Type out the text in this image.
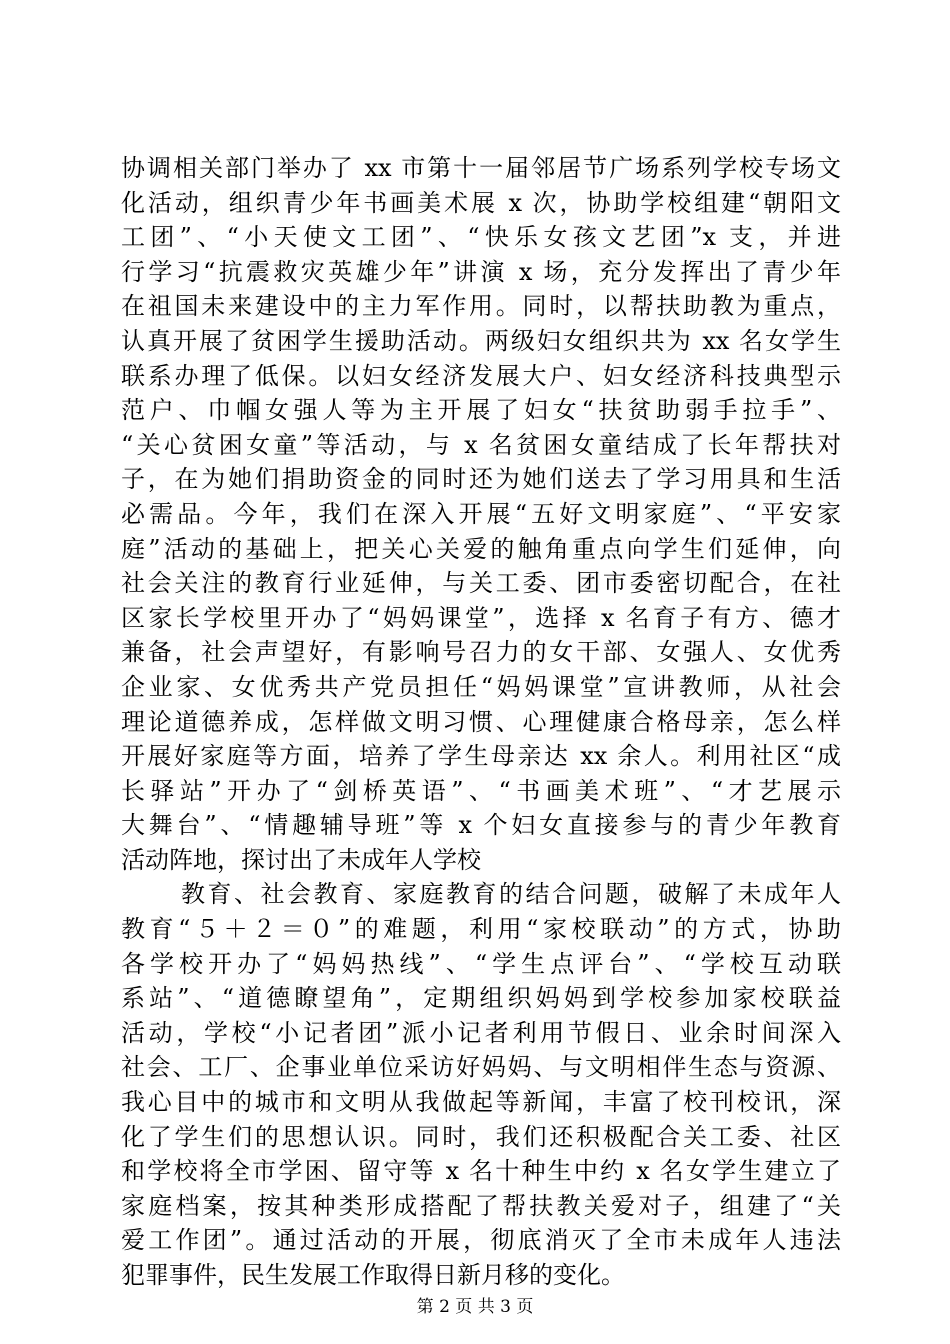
协调相关部门举办了 xx 市第十一届邻居节广场系列学校专场文
化活动，组织青少年书画美术展 x 次，协助学校组建“朝阳文
工团”、“小天使文工团”、“快乐女孩文艺团”x 支，并进
行学习“抗震救灾英雄少年”讲演 x 场，充分发挥出了青少年
在祖国未来建设中的主力军作用。同时，以帮扶助教为重点，
认真开展了贫困学生援助活动。两级妇女组织共为 xx 名女学生
联系办理了低保。以妇女经济发展大户、妇女经济科技典型示
范户、巾帼女强人等为主开展了妇女“扶贫助弱手拉手”、
“关心贫困女童”等活动，与 x 名贫困女童结成了长年帮扶对
子，在为她们捐助资金的同时还为她们送去了学习用具和生活
必需品。今年，我们在深入开展“五好文明家庭”、“平安家
庭”活动的基础上，把关心关爱的触角重点向学生们延伸，向
社会关注的教育行业延伸，与关工委、团市委密切配合，在社
区家长学校里开办了“妈妈课堂”，选择 x 名育子有方、德才
兼备，社会声望好，有影响号召力的女干部、女强人、女优秀
企业家、女优秀共产党员担任“妈妈课堂”宣讲教师，从社会
理论道德养成，怎样做文明习惯、心理健康合格母亲，怎么样
开展好家庭等方面，培养了学生母亲达 xx 余人。利用社区“成
长驿站”开办了“剑桥英语”、“书画美术班”、“才艺展示
大舞台”、“情趣辅导班”等 x 个妇女直接参与的青少年教育
活动阵地，探讨出了未成年人学校
教育、社会教育、家庭教育的结合问题，破解了未成年人
教育“５＋２＝０”的难题，利用“家校联动”的方式，协助
各学校开办了“妈妈热线”、“学生点评台”、“学校互动联
系站”、“道德瞭望角”，定期组织妈妈到学校参加家校联益
活动，学校“小记者团”派小记者利用节假日、业余时间深入
社会、工厂、企事业单位采访好妈妈、与文明相伴生态与资源、
我心目中的城市和文明从我做起等新闻，丰富了校刊校讯，深
化了学生们的思想认识。同时，我们还积极配合关工委、社区
和学校将全市学困、留守等 x 名十种生中约 x 名女学生建立了
家庭档案，按其种类形成搭配了帮扶教关爱对子，组建了“关
爱工作团”。通过活动的开展，彻底消灭了全市未成年人违法
犯罪事件，民生发展工作取得日新月移的变化。
第 2 页 共 3 页
